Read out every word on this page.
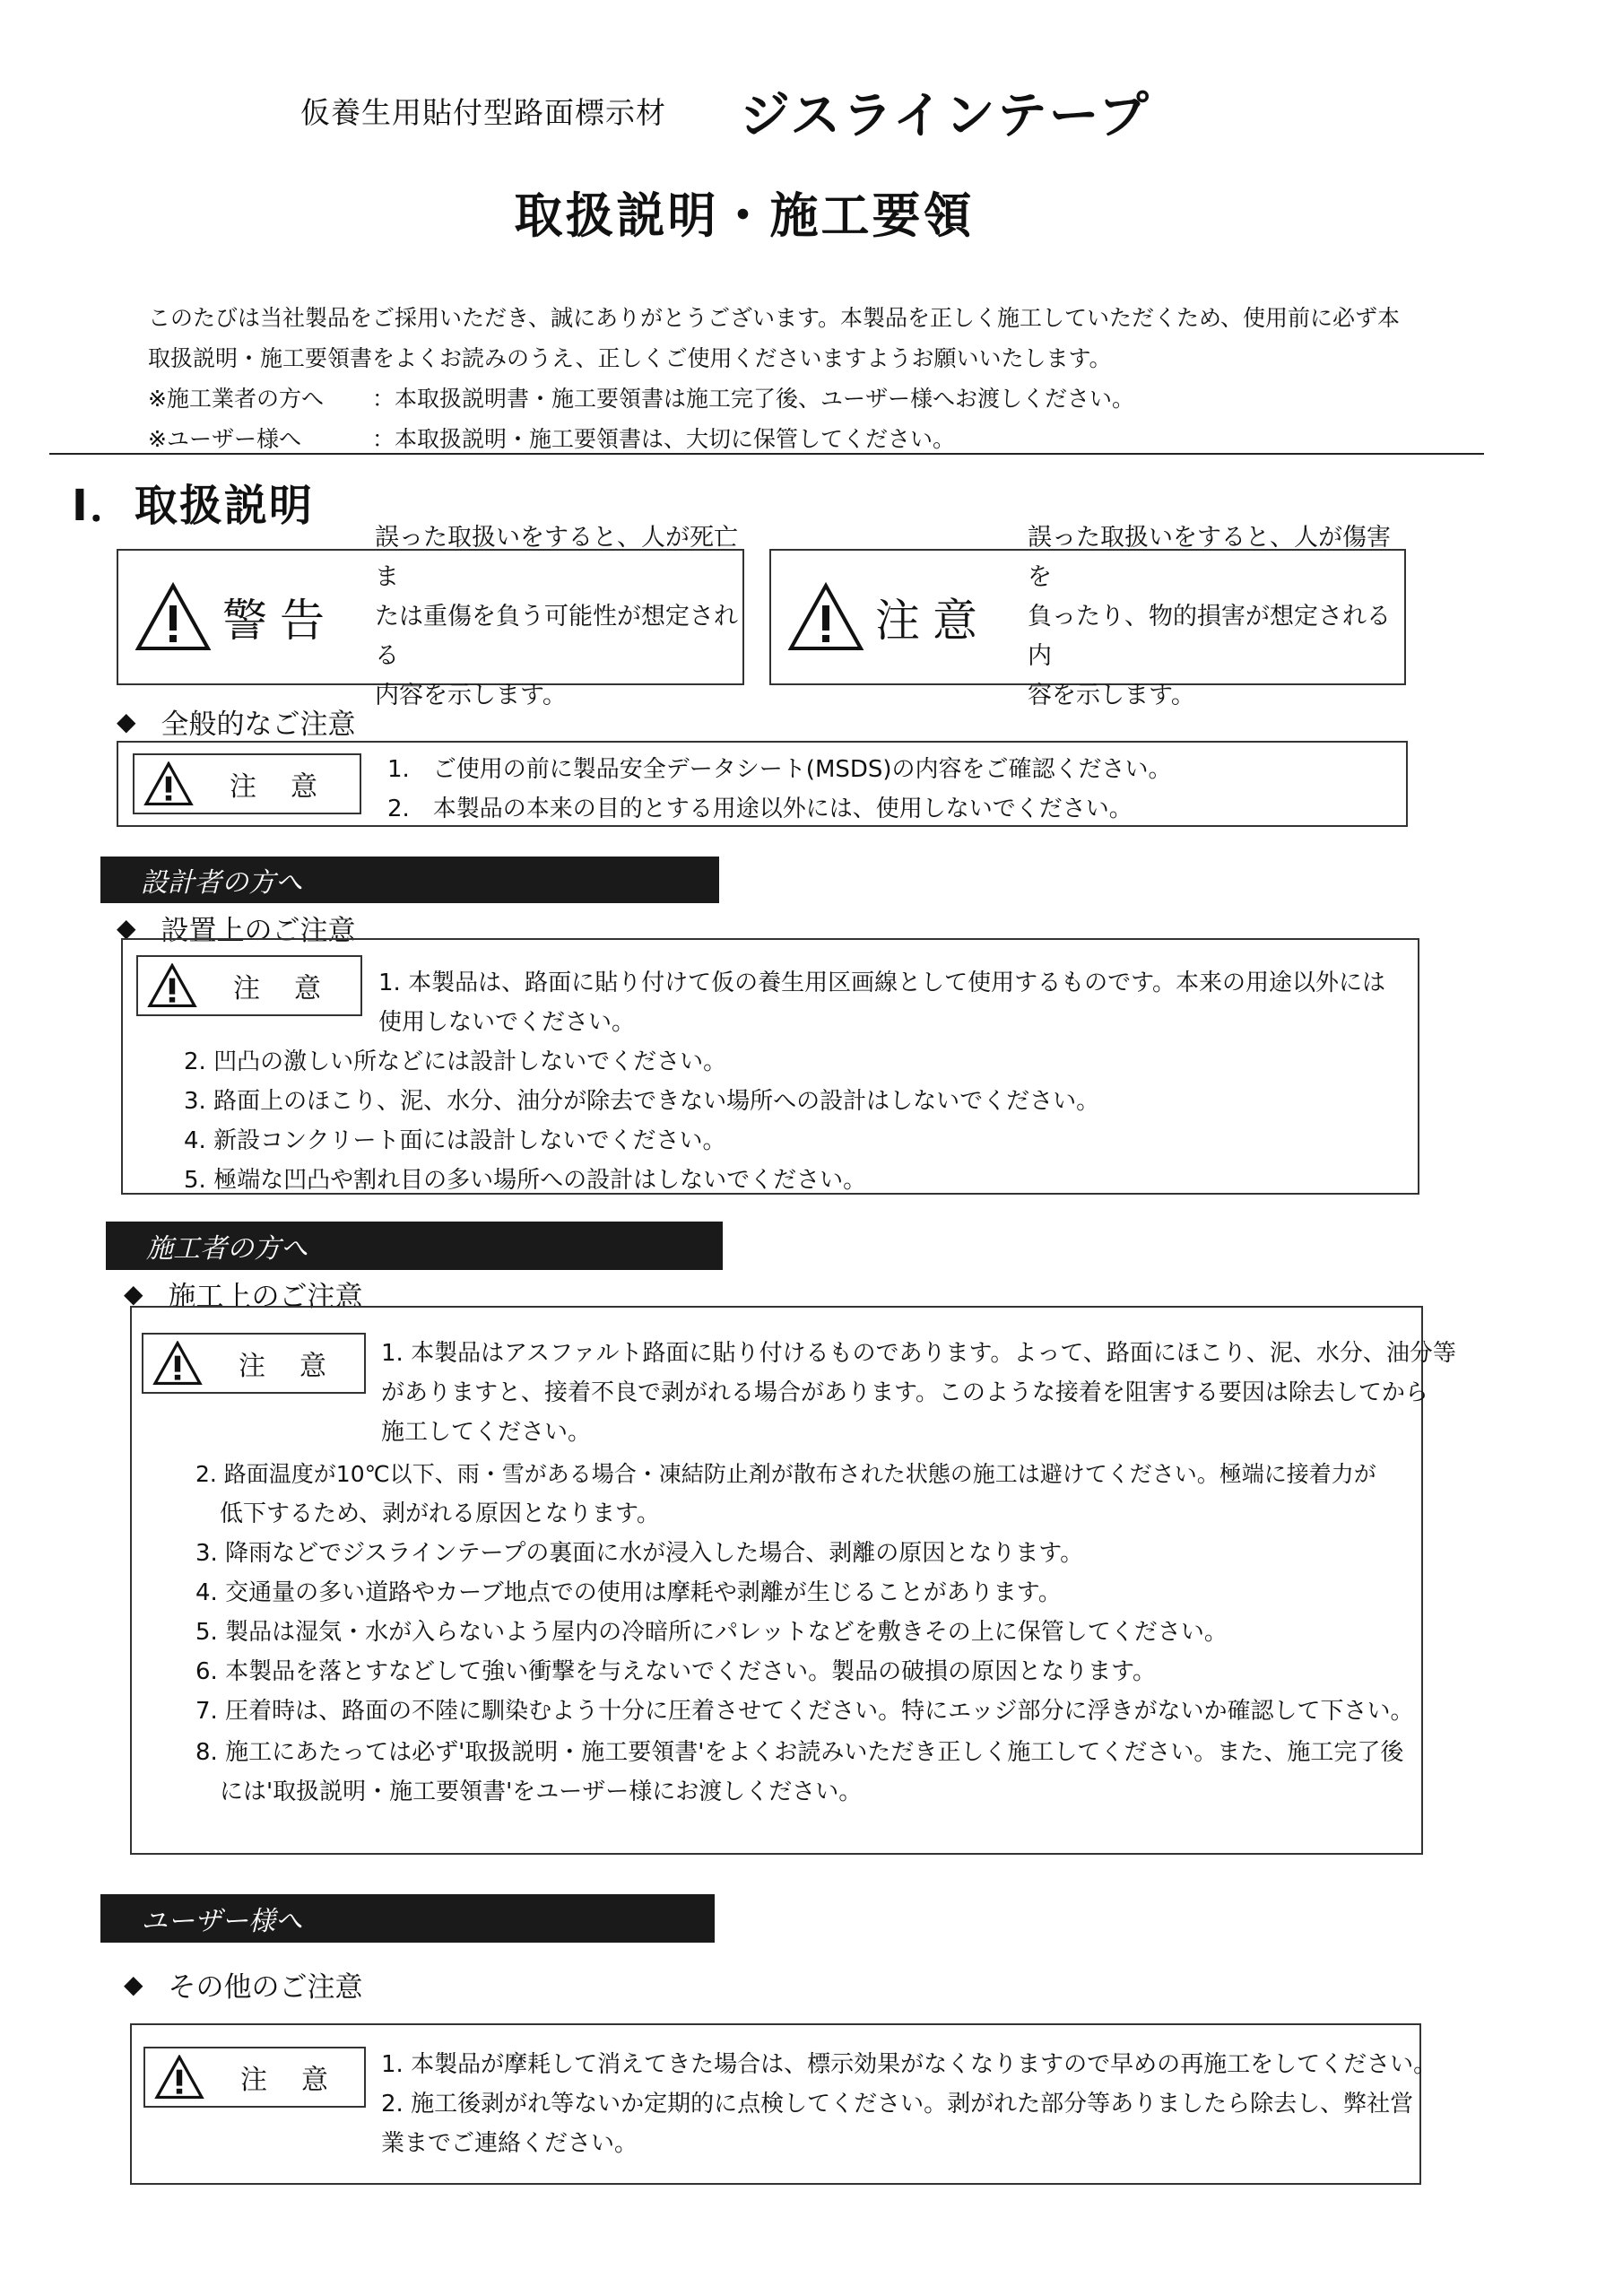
仮養生用貼付型路面標示材 ジスラインテープ
取扱説明・施工要領

このたびは当社製品をご採用いただき、誠にありがとうございます。本製品を正しく施工していただくため、使用前に必ず本

取扱説明・施工要領書をよくお読みのうえ、正しくご使用くださいますようお願いいたします。

※施工業者の方へ	：本取扱説明書・施工要領書は施工完了後、ユーザー様へお渡しください。
※ユーザー様へ	：本取扱説明・施工要領書は、大切に保管してください。
Ⅰ．取扱説明
警告
誤った取扱いをすると、人が死亡ま
たは重傷を負う可能性が想定される
内容を示します。
注意
誤った取扱いをすると、人が傷害を
負ったり、物的損害が想定される内
容を示します。
◆ 全般的なご注意
注意
1.　ご使用の前に製品安全データシート(MSDS)の内容をご確認ください。
2.　本製品の本来の目的とする用途以外には、使用しないでください。
設計者の方へ
◆ 設置上のご注意
注意 1. 本製品は、路面に貼り付けて仮の養生用区画線として使用するものです。本来の用途以外には
使用しないでください。
2. 凹凸の激しい所などには設計しないでください。
3. 路面上のほこり、泥、水分、油分が除去できない場所への設計はしないでください。
4. 新設コンクリート面には設計しないでください。
5. 極端な凹凸や割れ目の多い場所への設計はしないでください。
施工者の方へ
◆ 施工上のご注意
注意 1. 本製品はアスファルト路面に貼り付けるものであります。よって、路面にほこり、泥、水分、油分等
がありますと、接着不良で剥がれる場合があります。このような接着を阻害する要因は除去してから
施工してください。
2. 路面温度が10℃以下、雨・雪がある場合・凍結防止剤が散布された状態の施工は避けてください。極端に接着力が
低下するため、剥がれる原因となります。
3. 降雨などでジスラインテープの裏面に水が浸入した場合、剥離の原因となります。
4. 交通量の多い道路やカーブ地点での使用は摩耗や剥離が生じることがあります。
5. 製品は湿気・水が入らないよう屋内の冷暗所にパレットなどを敷きその上に保管してください。
6. 本製品を落とすなどして強い衝撃を与えないでください。製品の破損の原因となります。
7. 圧着時は、路面の不陸に馴染むよう十分に圧着させてください。特にエッジ部分に浮きがないか確認して下さい。
8. 施工にあたっては必ず'取扱説明・施工要領書'をよくお読みいただき正しく施工してください。また、施工完了後
には'取扱説明・施工要領書'をユーザー様にお渡しください。
ユーザー様へ
◆ その他のご注意
注意 1. 本製品が摩耗して消えてきた場合は、標示効果がなくなりますので早めの再施工をしてください。
2. 施工後剥がれ等ないか定期的に点検してください。剥がれた部分等ありましたら除去し、弊社営
業までご連絡ください。
